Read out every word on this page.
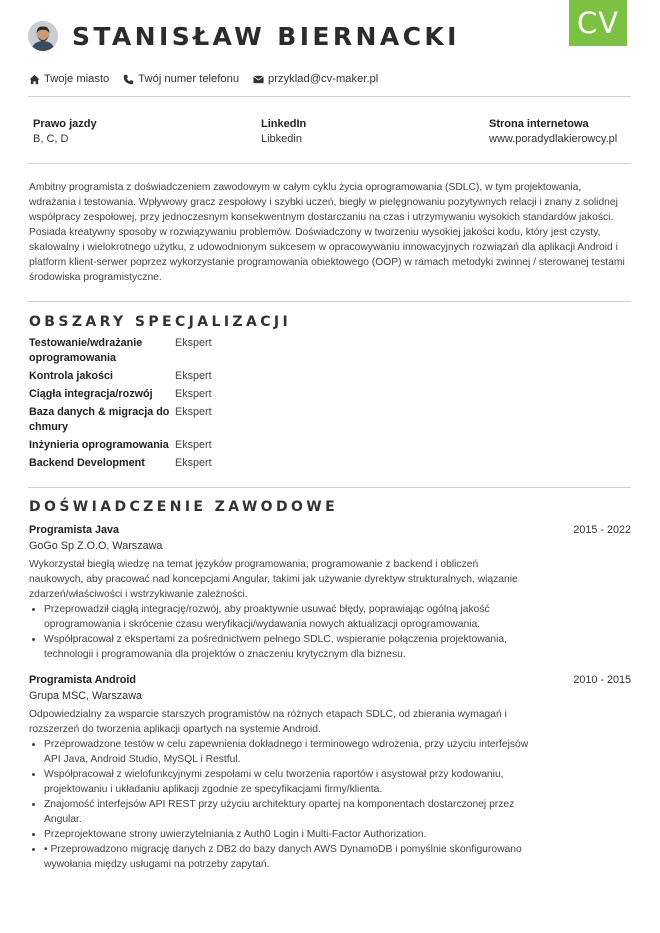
CV
STANISŁAW BIERNACKI
Twoje miasto	Twój numer telefonu	przyklad@cv-maker.pl
Prawo jazdy
B, C, D
LinkedIn
Libkedin
Strona internetowa
www.poradydlakierowcy.pl
Ambitny programista z doświadczeniem zawodowym w całym cyklu życia oprogramowania (SDLC), w tym projektowania, wdrażania i testowania. Wpływowy gracz zespołowy i szybki uczeń, biegły w pielęgnowaniu pozytywnych relacji i znany z solidnej współpracy zespołowej, przy jednoczesnym konsekwentnym dostarczaniu na czas i utrzymywaniu wysokich standardów jakości. Posiada kreatywny sposoby w rozwiązywaniu problemów. Doświadczony w tworzeniu wysokiej jakości kodu, który jest czysty, skalowalny i wielokrotnego użytku, z udowodnionym sukcesem w opracowywaniu innowacyjnych rozwiązań dla aplikacji Android i platform klient-serwer poprzez wykorzystanie programowania obiektowego (OOP) w ramach metodyki zwinnej / sterowanej testami środowiska programistyczne.
OBSZARY SPECJALIZACJI
Testowanie/wdrażanie oprogramowania
Ekspert
Kontrola jakości	Ekspert
Ciągła integracja/rozwój	Ekspert
Baza danych & migracja do chmury
Ekspert
Inżynieria oprogramowania Ekspert
Backend Development	Ekspert
DOŚWIADCZENIE ZAWODOWE
Programista Java	2015 - 2022
GoGo Sp Z.O.O, Warszawa
Wykorzystał biegłą wiedzę na temat języków programowania, programowanie z backend i obliczeń naukowych, aby pracować nad koncepcjami Angular, takimi jak używanie dyrektyw strukturalnych, wiązanie zdarzeń/właściwości i wstrzykiwanie zależności.
• Przeprowadził ciągłą integrację/rozwój, aby proaktywnie usuwać błędy, poprawiając ogólną jakość oprogramowania i skrócenie czasu weryfikacji/wydawania nowych aktualizacji oprogramowania.
• Współpracował z ekspertami za pośrednictwem pełnego SDLC, wspieranie połączenia projektowania, technologii i programowania dla projektów o znaczeniu krytycznym dla biznesu.
Programista Android	2010 - 2015
Grupa MSC, Warszawa
Odpowiedzialny za wsparcie starszych programistów na różnych etapach SDLC, od zbierania wymagań i rozszerzeń do tworzenia aplikacji opartych na systemie Android.
• Przeprowadzone testów w celu zapewnienia dokładnego i terminowego wdrożenia, przy użyciu interfejsów API Java, Android Studio, MySQL i Restful.
• Współpracował z wielofunkcyjnymi zespołami w celu tworzenia raportów i asystował przy kodowaniu, projektowaniu i układaniu aplikacji zgodnie ze specyfikacjami firmy/klienta.
• Znajomość interfejsów API REST przy użyciu architektury opartej na komponentach dostarczonej przez Angular.
• Przeprojektowane strony uwierzytelniania z Auth0 Login i Multi-Factor Authorization.
• • Przeprowadzono migrację danych z DB2 do bazy danych AWS DynamoDB i pomyślnie skonfigurowano wywołania między usługami na potrzeby zapytań.
